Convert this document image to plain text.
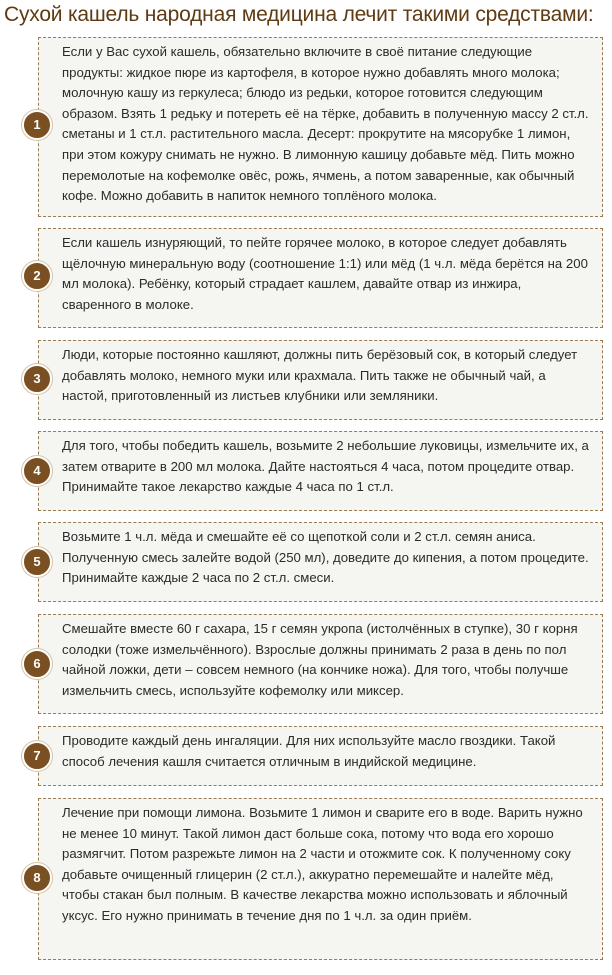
Сухой кашель народная медицина лечит такими средствами:

Если у Вас сухой кашель, обязательно включите в своё питание следующие продукты: жидкое пюре из картофеля, в которое нужно добавлять много молока; молочную кашу из геркулеса; блюдо из редьки, которое готовится следующим образом. Взять 1 редьку и потереть её на тёрке, добавить в полученную массу 2 ст.л. сметаны и 1 ст.л. растительного масла. Десерт: прокрутите на мясорубке 1 лимон, при этом кожуру снимать не нужно. В лимонную кашицу добавьте мёд. Пить можно перемолотые на кофемолке овёс, рожь, ячмень, а потом заваренные, как обычный кофе. Можно добавить в напиток немного топлёного молока.

1

Если кашель изнуряющий, то пейте горячее молоко, в которое следует добавлять щёлочную минеральную воду (соотношение 1:1) или мёд (1 ч.л. мёда берётся на 200 мл молока). Ребёнку, который страдает кашлем, давайте отвар из инжира, сваренного в молоке.

2

Люди, которые постоянно кашляют, должны пить берёзовый сок, в который следует добавлять молоко, немного муки или крахмала. Пить также не обычный чай, а настой, приготовленный из листьев клубники или земляники.

3

Для того, чтобы победить кашель, возьмите 2 небольшие луковицы, измельчите их, а затем отварите в 200 мл молока. Дайте настояться 4 часа, потом процедите отвар. Принимайте такое лекарство каждые 4 часа по 1 ст.л.

4

Возьмите 1 ч.л. мёда и смешайте её со щепоткой соли и 2 ст.л. семян аниса. Полученную смесь залейте водой (250 мл), доведите до кипения, а потом процедите. Принимайте каждые 2 часа по 2 ст.л. смеси.

5

Смешайте вместе 60 г сахара, 15 г семян укропа (истолчённых в ступке), 30 г корня солодки (тоже измельчённого). Взрослые должны принимать 2 раза в день по пол чайной ложки, дети – совсем немного (на кончике ножа). Для того, чтобы получше измельчить смесь, используйте кофемолку или миксер.

6

Проводите каждый день ингаляции. Для них используйте масло гвоздики. Такой способ лечения кашля считается отличным в индийской медицине.

7

Лечение при помощи лимона. Возьмите 1 лимон и сварите его в воде. Варить нужно не менее 10 минут. Такой лимон даст больше сока, потому что вода его хорошо размягчит. Потом разрежьте лимон на 2 части и отожмите сок. К полученному соку добавьте очищенный глицерин (2 ст.л.), аккуратно перемешайте и налейте мёд, чтобы стакан был полным. В качестве лекарства можно использовать и яблочный уксус. Его нужно принимать в течение дня по 1 ч.л. за один приём.

8
